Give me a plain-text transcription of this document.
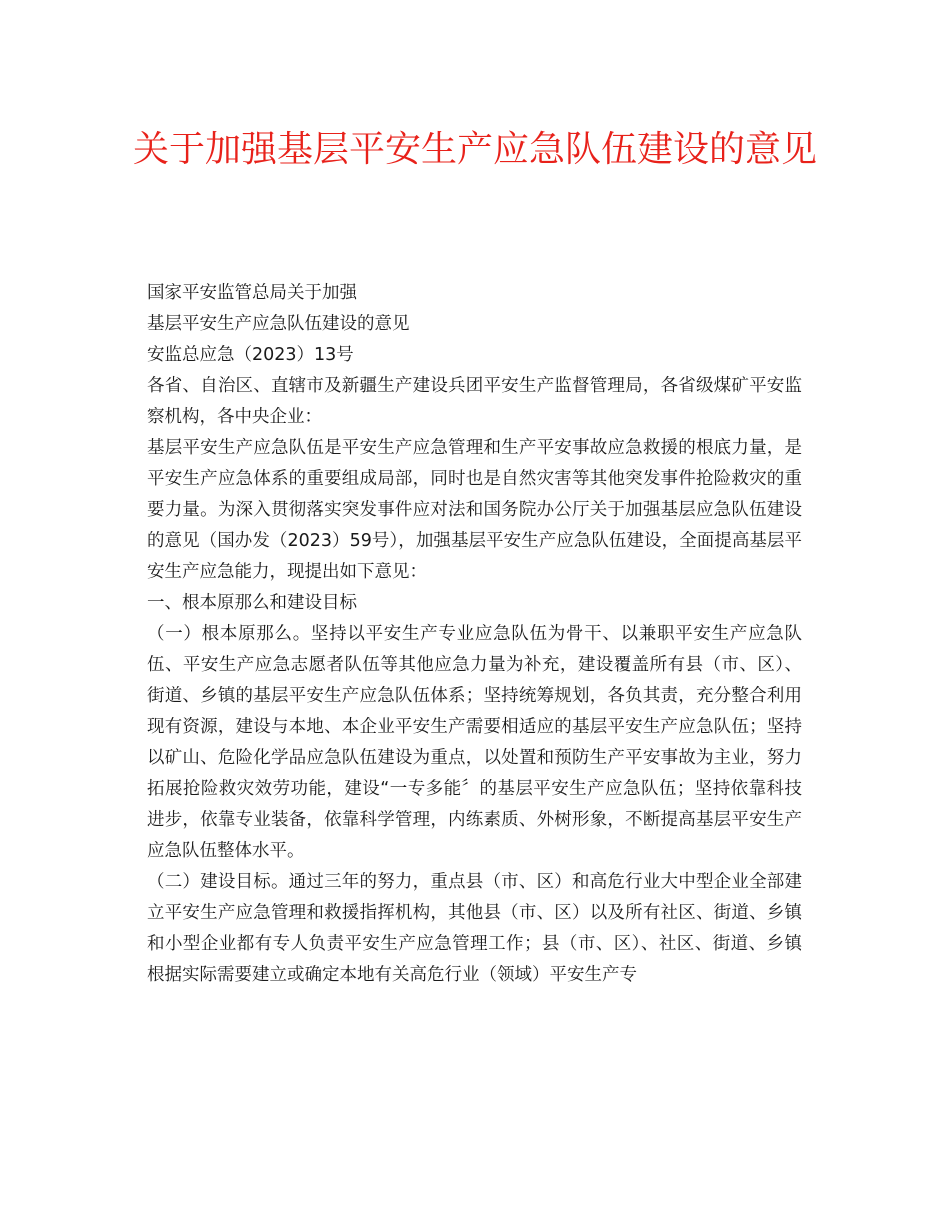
关于加强基层平安生产应急队伍建设的意见

国家平安监管总局关于加强

基层平安生产应急队伍建设的意见

安监总应急（2023）13号

各省、自治区、直辖市及新疆生产建设兵团平安生产监督管理局，各省级煤矿平安监察机构，各中央企业：

基层平安生产应急队伍是平安生产应急管理和生产平安事故应急救援的根底力量，是平安生产应急体系的重要组成局部，同时也是自然灾害等其他突发事件抢险救灾的重要力量。为深入贯彻落实突发事件应对法和国务院办公厅关于加强基层应急队伍建设的意见（国办发（2023）59号），加强基层平安生产应急队伍建设，全面提高基层平安生产应急能力，现提出如下意见：

一、根本原那么和建设目标

（一）根本原那么。坚持以平安生产专业应急队伍为骨干、以兼职平安生产应急队伍、平安生产应急志愿者队伍等其他应急力量为补充，建设覆盖所有县（市、区）、街道、乡镇的基层平安生产应急队伍体系；坚持统筹规划，各负其责，充分整合利用现有资源，建设与本地、本企业平安生产需要相适应的基层平安生产应急队伍；坚持以矿山、危险化学品应急队伍建设为重点，以处置和预防生产平安事故为主业，努力拓展抢险救灾效劳功能，建设“一专多能〞的基层平安生产应急队伍；坚持依靠科技进步，依靠专业装备，依靠科学管理，内练素质、外树形象，不断提高基层平安生产应急队伍整体水平。

（二）建设目标。通过三年的努力，重点县（市、区）和高危行业大中型企业全部建立平安生产应急管理和救援指挥机构，其他县（市、区）以及所有社区、街道、乡镇和小型企业都有专人负责平安生产应急管理工作；县（市、区）、社区、街道、乡镇根据实际需要建立或确定本地有关高危行业（领域）平安生产专
